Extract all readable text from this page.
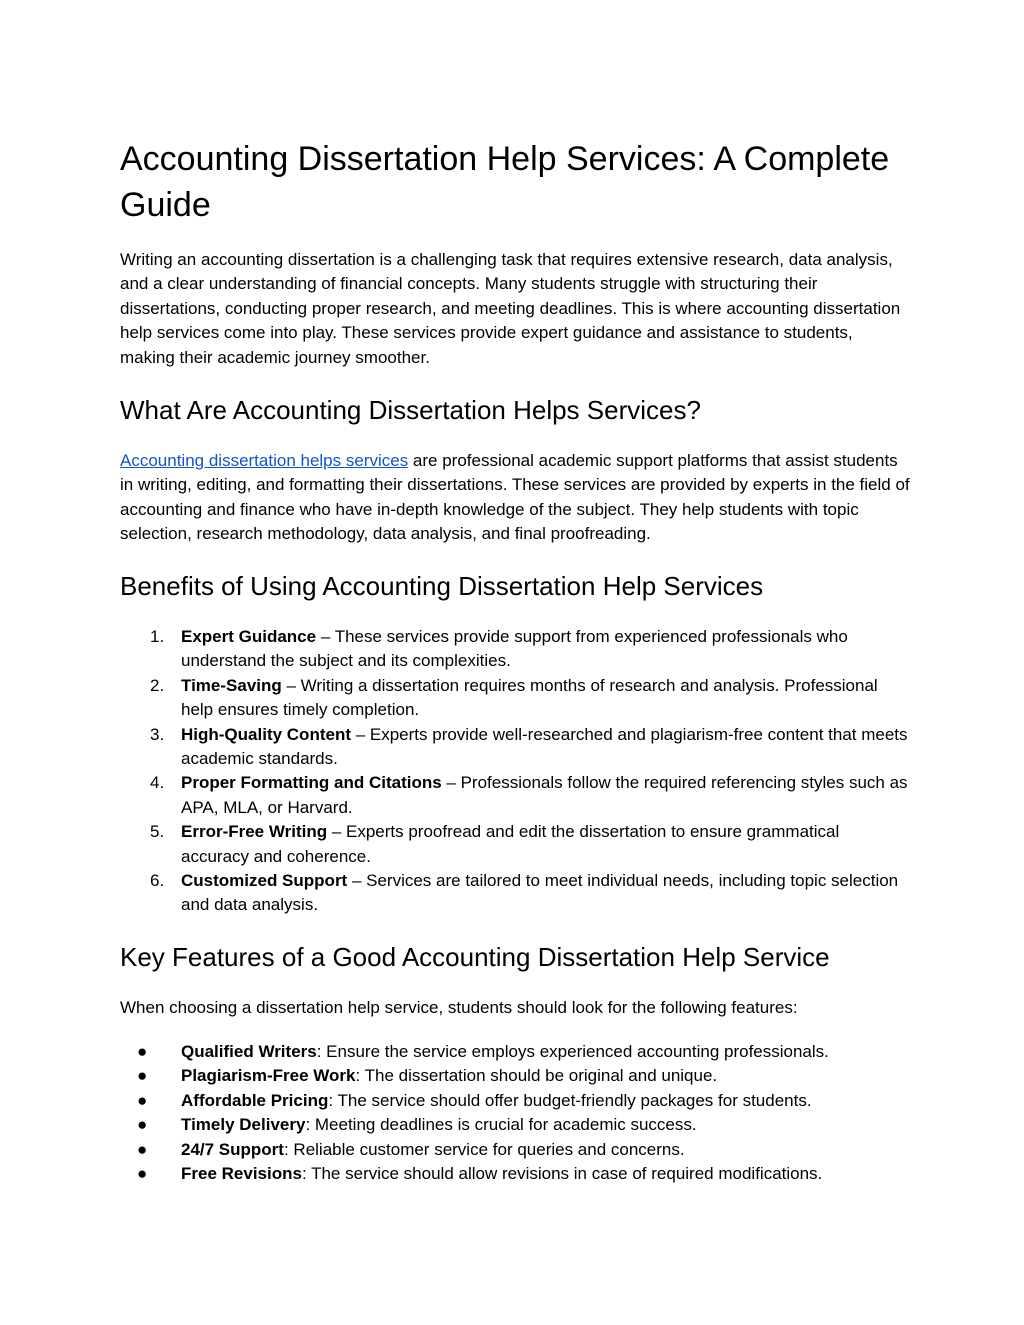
Accounting Dissertation Help Services: A Complete Guide

Writing an accounting dissertation is a challenging task that requires extensive research, data analysis, and a clear understanding of financial concepts. Many students struggle with structuring their dissertations, conducting proper research, and meeting deadlines. This is where accounting dissertation help services come into play. These services provide expert guidance and assistance to students, making their academic journey smoother.

What Are Accounting Dissertation Helps Services?

Accounting dissertation helps services are professional academic support platforms that assist students in writing, editing, and formatting their dissertations. These services are provided by experts in the field of accounting and finance who have in-depth knowledge of the subject. They help students with topic selection, research methodology, data analysis, and final proofreading.

Benefits of Using Accounting Dissertation Help Services
1. Expert Guidance – These services provide support from experienced professionals who understand the subject and its complexities.
2. Time-Saving – Writing a dissertation requires months of research and analysis. Professional help ensures timely completion.
3. High-Quality Content – Experts provide well-researched and plagiarism-free content that meets academic standards.
4. Proper Formatting and Citations – Professionals follow the required referencing styles such as APA, MLA, or Harvard.
5. Error-Free Writing – Experts proofread and edit the dissertation to ensure grammatical accuracy and coherence.
6. Customized Support – Services are tailored to meet individual needs, including topic selection and data analysis.
Key Features of a Good Accounting Dissertation Help Service

When choosing a dissertation help service, students should look for the following features:

●	Qualified Writers: Ensure the service employs experienced accounting professionals.
●	Plagiarism-Free Work: The dissertation should be original and unique.
●	Affordable Pricing: The service should offer budget-friendly packages for students.
●	Timely Delivery: Meeting deadlines is crucial for academic success.
●	24/7 Support: Reliable customer service for queries and concerns.
●	Free Revisions: The service should allow revisions in case of required modifications.
